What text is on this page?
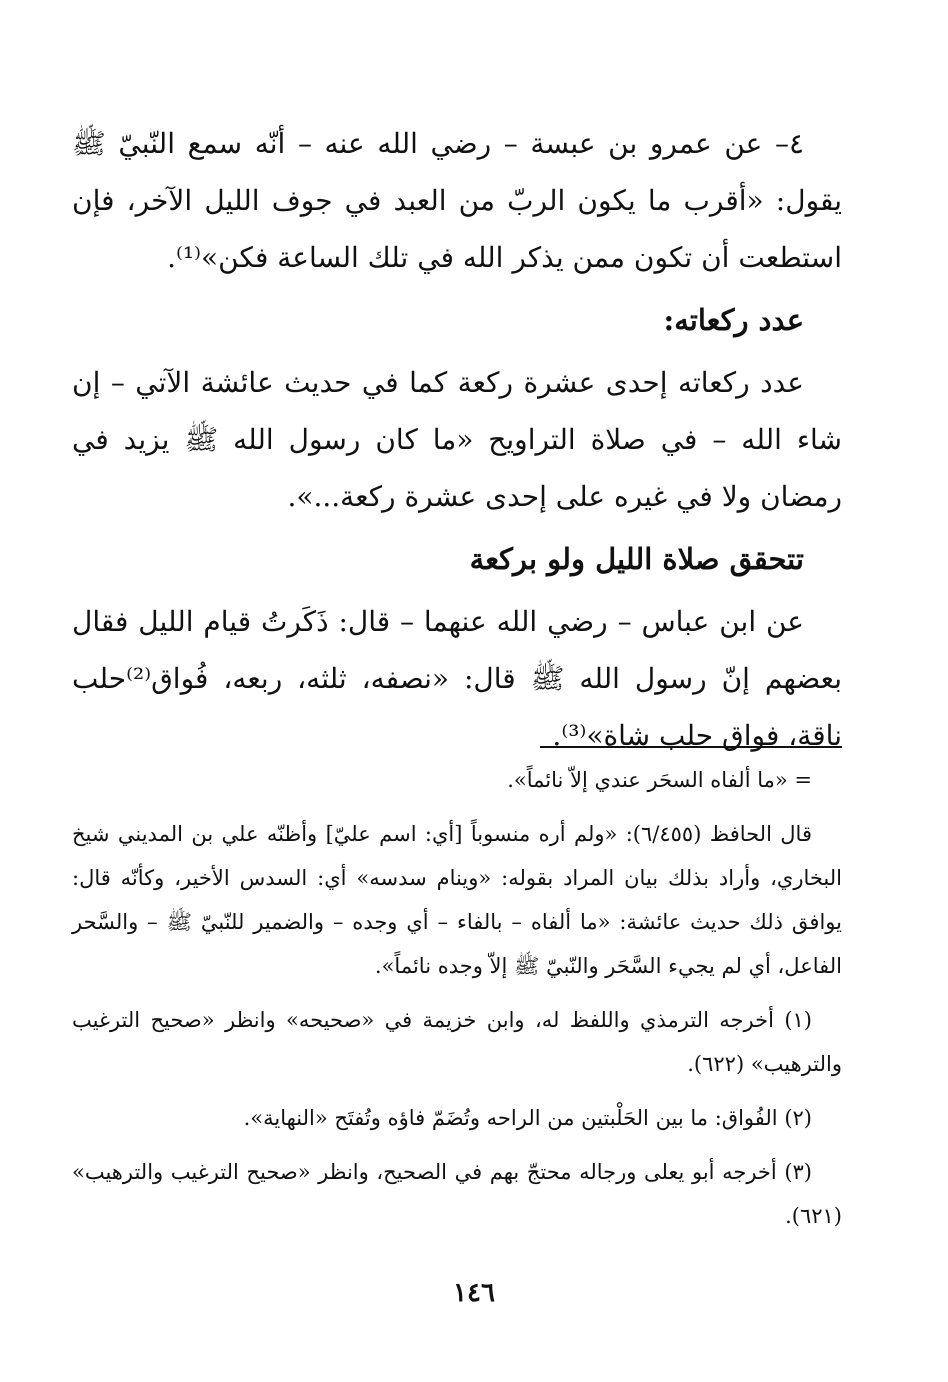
٤– عن عمرو بن عبسة – رضي الله عنه – أنّه سمع النّبيّ ﷺ يقول: «أقرب ما يكون الربّ من العبد في جوف الليل الآخر، فإن استطعت أن تكون ممن يذكر الله في تلك الساعة فكن»⁽¹⁾.

عدد ركعاته:

عدد ركعاته إحدى عشرة ركعة كما في حديث عائشة الآتي – إن شاء الله – في صلاة التراويح «ما كان رسول الله ﷺ يزيد في رمضان ولا في غيره على إحدى عشرة ركعة...».

تتحقق صلاة الليل ولو بركعة

عن ابن عباس – رضي الله عنهما – قال: ذَكَرتُ قيام الليل فقال بعضهم إنّ رسول الله ﷺ قال: «نصفه، ثلثه، ربعه، فُواق⁽²⁾حلب ناقة، فواق حلب شاة»⁽³⁾.

= «ما ألفاه السحَر عندي إلاّ نائماً».

قال الحافظ (٦/٤٥٥): «ولم أره منسوباً [أي: اسم عليّ] وأظنّه علي بن المديني شيخ البخاري، وأراد بذلك بيان المراد بقوله: «وينام سدسه» أي: السدس الأخير، وكأنّه قال: يوافق ذلك حديث عائشة: «ما ألفاه – بالفاء – أي وجده – والضمير للنّبيّ ﷺ – والسَّحر الفاعل، أي لم يجيء السَّحَر والنّبيّ ﷺ إلاّ وجده نائماً».

(١) أخرجه الترمذي واللفظ له، وابن خزيمة في «صحيحه» وانظر «صحيح الترغيب والترهيب» (٦٢٢).

(٢) الفُواق: ما بين الحَلْبتين من الراحه وتُضَمّ فاؤه وتُفتَح «النهاية».

(٣) أخرجه أبو يعلى ورجاله محتجّ بهم في الصحيح، وانظر «صحيح الترغيب والترهيب» (٦٢١).

١٤٦
